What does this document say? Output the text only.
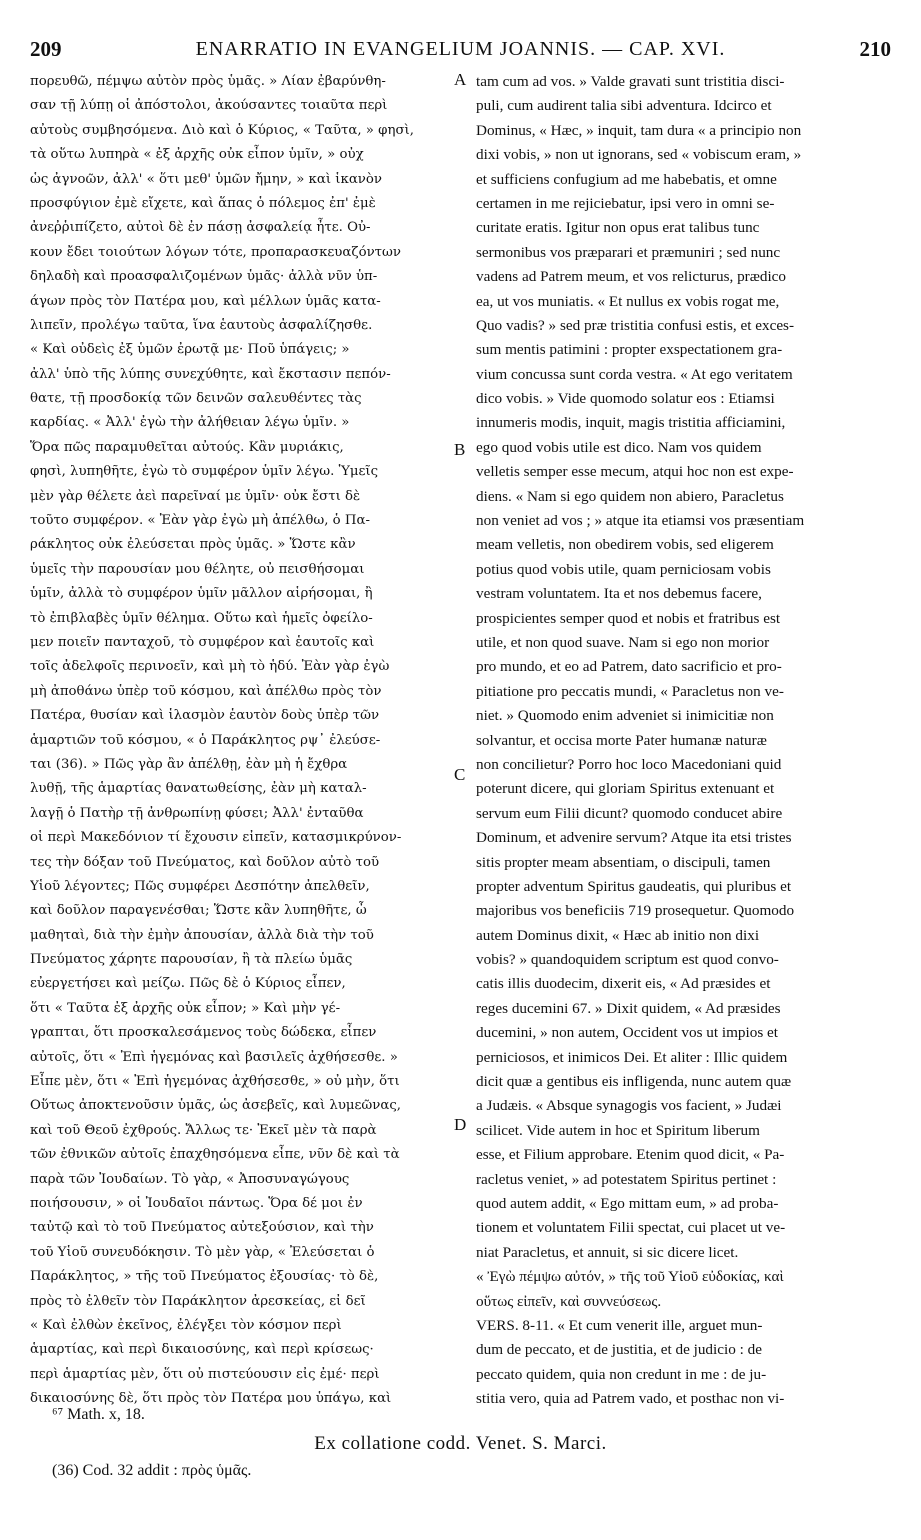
209	ENARRATIO IN EVANGELIUM JOANNIS. — CAP. XVI.	210
πορευθῶ, πέμψω αὐτὸν πρὸς ὑμᾶς. » Λίαν ἐβαρύνθη-
σαν τῇ λύπῃ οἱ ἀπόστολοι, ἀκούσαντες τοιαῦτα περὶ
αὐτοὺς συμβησόμενα. Διὸ καὶ ὁ Κύριος, « Ταῦτα, » φησὶ,
τὰ οὕτω λυπηρὰ « ἐξ ἀρχῆς οὐκ εἶπον ὑμῖν, » οὐχ
ὡς ἀγνοῶν, ἀλλ' « ὅτι μεθ' ὑμῶν ἤμην, » καὶ ἱκανὸν
προσφύγιον ἐμὲ εἴχετε, καὶ ἅπας ὁ πόλεμος ἐπ' ἐμὲ
ἀνεῤῥιπίζετο, αὐτοὶ δὲ ἐν πάσῃ ἀσφαλείᾳ ἦτε. Οὐ-
κουν ἔδει τοιούτων λόγων τότε, προπαρασκευαζόντων
δηλαδὴ καὶ προασφαλιζομένων ὑμᾶς· ἀλλὰ νῦν ὑπ-
άγων πρὸς τὸν Πατέρα μου, καὶ μέλλων ὑμᾶς κατα-
λιπεῖν, προλέγω ταῦτα, ἵνα ἑαυτοὺς ἀσφαλίζησθε.
« Καὶ οὐδεὶς ἐξ ὑμῶν ἐρωτᾷ με· Ποῦ ὑπάγεις; »
ἀλλ' ὑπὸ τῆς λύπης συνεχύθητε, καὶ ἔκστασιν πεπόν-
θατε, τῇ προσδοκίᾳ τῶν δεινῶν σαλευθέντες τὰς
καρδίας. « Ἀλλ' ἐγὼ τὴν ἀλήθειαν λέγω ὑμῖν. »
Ὅρα πῶς παραμυθεῖται αὐτούς. Κἂν μυριάκις,
φησὶ, λυπηθῆτε, ἐγὼ τὸ συμφέρον ὑμῖν λέγω. Ὑμεῖς
μὲν γὰρ θέλετε ἀεὶ παρεῖναί με ὑμῖν· οὐκ ἔστι δὲ
τοῦτο συμφέρον. « Ἐὰν γὰρ ἐγὼ μὴ ἀπέλθω, ὁ Πα-
ράκλητος οὐκ ἐλεύσεται πρὸς ὑμᾶς. » Ὥστε κἂν
ὑμεῖς τὴν παρουσίαν μου θέλητε, οὐ πεισθήσομαι
ὑμῖν, ἀλλὰ τὸ συμφέρον ὑμῖν μᾶλλον αἱρήσομαι, ἢ
τὸ ἐπιβλαβὲς ὑμῖν θέλημα. Οὕτω καὶ ἡμεῖς ὀφείλο-
μεν ποιεῖν πανταχοῦ, τὸ συμφέρον καὶ ἑαυτοῖς καὶ
τοῖς ἀδελφοῖς περινοεῖν, καὶ μὴ τὸ ἡδύ. Ἐὰν γὰρ ἐγὼ
μὴ ἀποθάνω ὑπὲρ τοῦ κόσμου, καὶ ἀπέλθω πρὸς τὸν
Πατέρα, θυσίαν καὶ ἱλασμὸν ἑαυτὸν δοὺς ὑπὲρ τῶν
ἁμαρτιῶν τοῦ κόσμου, « ὁ Παράκλητος ρψ᾽ ἐλεύσε-
ται (36). » Πῶς γὰρ ἂν ἀπέλθῃ, ἐὰν μὴ ἡ ἔχθρα
λυθῇ, τῆς ἁμαρτίας θανατωθείσης, ἐὰν μὴ καταλ-
λαγῇ ὁ Πατὴρ τῇ ἀνθρωπίνῃ φύσει; Ἀλλ' ἐνταῦθα
οἱ περὶ Μακεδόνιον τί ἔχουσιν εἰπεῖν, κατασμικρύνον-
τες τὴν δόξαν τοῦ Πνεύματος, καὶ δοῦλον αὐτὸ τοῦ
Υἱοῦ λέγοντες; Πῶς συμφέρει Δεσπότην ἀπελθεῖν,
καὶ δοῦλον παραγενέσθαι; Ὥστε κἂν λυπηθῆτε, ὦ
μαθηταὶ, διὰ τὴν ἐμὴν ἀπουσίαν, ἀλλὰ διὰ τὴν τοῦ
Πνεύματος χάρητε παρουσίαν, ἢ τὰ πλείω ὑμᾶς
εὐεργετήσει καὶ μείζω. Πῶς δὲ ὁ Κύριος εἶπεν,
ὅτι « Ταῦτα ἐξ ἀρχῆς οὐκ εἶπον; » Καὶ μὴν γέ-
γραπται, ὅτι προσκαλεσάμενος τοὺς δώδεκα, εἶπεν
αὐτοῖς, ὅτι « Ἐπὶ ἡγεμόνας καὶ βασιλεῖς ἀχθήσεσθε. »
Εἶπε μὲν, ὅτι « Ἐπὶ ἡγεμόνας ἀχθήσεσθε, » οὐ μὴν, ὅτι
Οὕτως ἀποκτενοῦσιν ὑμᾶς, ὡς ἀσεβεῖς, καὶ λυμεῶνας,
καὶ τοῦ Θεοῦ ἐχθρούς. Ἄλλως τε· Ἐκεῖ μὲν τὰ παρὰ
τῶν ἐθνικῶν αὐτοῖς ἐπαχθησόμενα εἶπε, νῦν δὲ καὶ τὰ
παρὰ τῶν Ἰουδαίων. Τὸ γὰρ, « Ἀποσυναγώγους
ποιήσουσιν, » οἱ Ἰουδαῖοι πάντως. Ὅρα δέ μοι ἐν
ταὐτῷ καὶ τὸ τοῦ Πνεύματος αὐτεξούσιον, καὶ τὴν
τοῦ Υἱοῦ συνευδόκησιν. Τὸ μὲν γὰρ, « Ἐλεύσεται ὁ
Παράκλητος, » τῆς τοῦ Πνεύματος ἐξουσίας· τὸ δὲ,
πρὸς τὸ ἐλθεῖν τὸν Παράκλητον ἀρεσκείας, εἰ δεῖ
« Καὶ ἐλθὼν ἐκεῖνος, ἐλέγξει τὸν κόσμον περὶ
ἁμαρτίας, καὶ περὶ δικαιοσύνης, καὶ περὶ κρίσεως·
περὶ ἁμαρτίας μὲν, ὅτι οὐ πιστεύουσιν εἰς ἐμέ· περὶ
δικαιοσύνης δὲ, ὅτι πρὸς τὸν Πατέρα μου ὑπάγω, καὶ
tam cum ad vos. » Valde gravati sunt tristitia disci-
puli, cum audirent talia sibi adventura. Idcirco et
Dominus, « Hæc, » inquit, tam dura « a principio non
dixi vobis, » non ut ignorans, sed « vobiscum eram, »
et sufficiens confugium ad me habebatis, et omne
certamen in me rejiciebatur, ipsi vero in omni se-
curitate eratis. Igitur non opus erat talibus tunc
sermonibus vos præparari et præmuniri ; sed nunc
vadens ad Patrem meum, et vos relicturus, prædico
ea, ut vos muniatis. « Et nullus ex vobis rogat me,
Quo vadis? » sed præ tristitia confusi estis, et exces-
sum mentis patimini : propter exspectationem gra-
vium concussa sunt corda vestra. « At ego veritatem
dico vobis. » Vide quomodo solatur eos : Etiamsi
innumeris modis, inquit, magis tristitia afficiamini,
ego quod vobis utile est dico. Nam vos quidem
velletis semper esse mecum, atqui hoc non est expe-
diens. « Nam si ego quidem non abiero, Paracletus
non veniet ad vos ; » atque ita etiamsi vos præsentiam
meam velletis, non obedirem vobis, sed eligerem
potius quod vobis utile, quam perniciosam vobis
vestram voluntatem. Ita et nos debemus facere,
prospicientes semper quod et nobis et fratribus est
utile, et non quod suave. Nam si ego non morior
pro mundo, et eo ad Patrem, dato sacrificio et pro-
pitiatione pro peccatis mundi, « Paracletus non ve-
niet. » Quomodo enim adveniet si inimicitiæ non
solvantur, et occisa morte Pater humanæ naturæ
non concilietur? Porro hoc loco Macedoniani quid
poterunt dicere, qui gloriam Spiritus extenuant et
servum eum Filii dicunt? quomodo conducet abire
Dominum, et advenire servum? Atque ita etsi tristes
sitis propter meam absentiam, o discipuli, tamen
propter adventum Spiritus gaudeatis, qui pluribus et
majoribus vos beneficiis 719 prosequetur. Quomodo
autem Dominus dixit, « Hæc ab initio non dixi
vobis? » quandoquidem scriptum est quod convo-
catis illis duodecim, dixerit eis, « Ad præsides et
reges ducemini 67. » Dixit quidem, « Ad præsides
ducemini, » non autem, Occident vos ut impios et
perniciosos, et inimicos Dei. Et aliter : Illic quidem
dicit quæ a gentibus eis infligenda, nunc autem quæ
a Judæis. « Absque synagogis vos facient, » Judæi
scilicet. Vide autem in hoc et Spiritum liberum
esse, et Filium approbare. Etenim quod dicit, « Pa-
racletus veniet, » ad potestatem Spiritus pertinet :
quod autem addit, « Ego mittam eum, » ad proba-
tionem et voluntatem Filii spectat, cui placet ut ve-
niat Paracletus, et annuit, si sic dicere licet.
« Ἐγὼ πέμψω αὐτόν, » τῆς τοῦ Υἱοῦ εὐδοκίας, καὶ
οὕτως εἰπεῖν, καὶ συννεύσεως.
VERS. 8-11. « Et cum venerit ille, arguet mun-
dum de peccato, et de justitia, et de judicio : de
peccato quidem, quia non credunt in me : de ju-
stitia vero, quia ad Patrem vado, et posthac non vi-
A
B
C
D
⁶⁷ Math. x, 18.
Ex collatione codd. Venet. S. Marci.
(36) Cod. 32 addit : πρὸς ὑμᾶς.
